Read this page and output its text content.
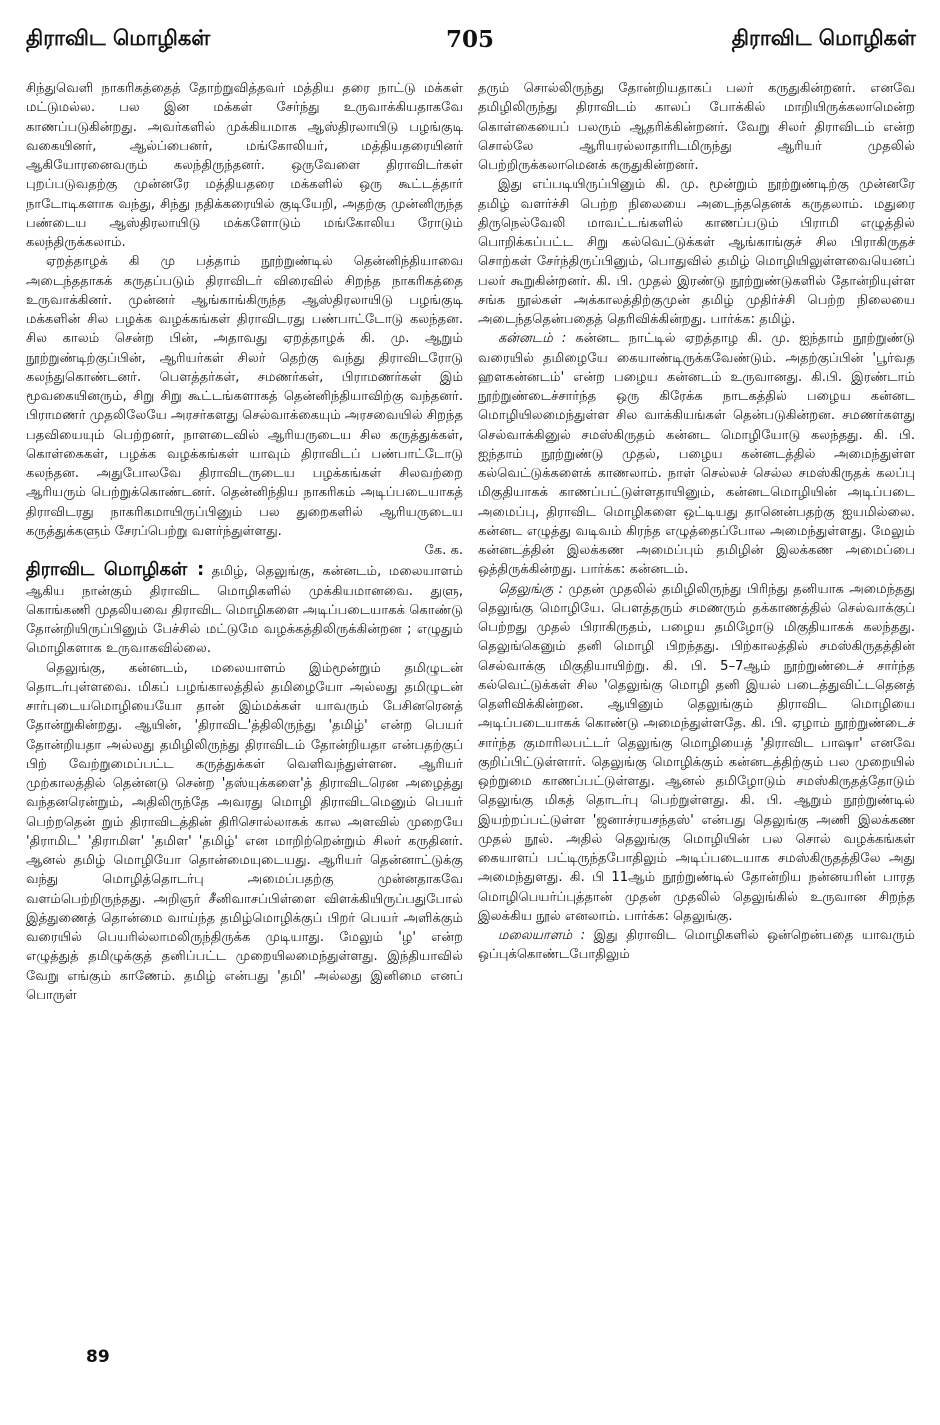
திராவிட மொழிகள்	705	திராவிட மொழிகள்

சிந்துவெளி நாகரிகத்தைத் தோற்றுவித்தவர் மத்திய தரை நாட்டு மக்கள் மட்டுமல்ல. பல இன மக்கள் சேர்ந்து உருவாக்கியதாகவே காணப்படுகின்றது. அவர்களில் முக்கியமாக ஆஸ்திரலாயிடு பழங்குடி வகையினர், ஆல்ப்பைனர், மங்கோலியர், மத்தியதரையினர் ஆகியோரனைவரும் கலந்திருந்தனர். ஒருவேளை திராவிடர்கள் புறப்படுவதற்கு முன்னரே மத்தியதரை மக்களில் ஒரு கூட்டத்தார் நாடோடிகளாக வந்து, சிந்து நதிக்கரையில் குடியேறி, அதற்கு முன்னிருந்த பண்டைய ஆஸ்திரலாயிடு மக்களோடும் மங்கோலிய ரோடும் கலந்திருக்கலாம்.

ஏறத்தாழக் கி மு பத்தாம் நூற்றுண்டில் தென்னிந்தியாவை அடைந்ததாகக் கருதப்படும் திராவிடர் விரைவில் சிறந்த நாகரிகத்தை உருவாக்கினர். முன்னர் ஆங்காங்கிருந்த ஆஸ்திரலாயிடு பழங்குடி மக்களின் சில பழக்க வழக்கங்கள் திராவிடரது பண்பாட்டோடு கலந்தன. சில காலம் சென்ற பின், அதாவது ஏறத்தாழக் கி. மு. ஆறும் நூற்றுண்டிற்குப்பின், ஆரியர்கள் சிலர் தெற்கு வந்து திராவிடரோடு கலந்துகொண்டனர். பௌத்தர்கள், சமணர்கள், பிராமணர்கள் இம் மூவகையினரும், சிறு சிறு கூட்டங்களாகத் தென்னிந்தியாவிற்கு வந்தனர். பிராமணர் முதலிலேயே அரசர்களது செல்வாக்கையும் அரசவையில் சிறந்த பதவியையும் பெற்றனர், நாளடைவில் ஆரியருடைய சில கருத்துக்கள், கொள்கைகள், பழக்க வழக்கங்கள் யாவும் திராவிடப் பண்பாட்டோடு கலந்தன. அதுபோலவே திராவிடருடைய பழக்கங்கள் சிலவற்றை ஆரியரும் பெற்றுக்கொண்டனர். தென்னிந்திய நாகரிகம் அடிப்படையாகத் திராவிடரது நாகரிகமாயிருப்பினும் பல துறைகளில் ஆரியருடைய கருத்துக்களும் சேரப்பெற்று வளர்ந்துள்ளது.

கே. க.

திராவிட மொழிகள் : தமிழ், தெலுங்கு, கன்னடம், மலையாளம் ஆகிய நான்கும் திராவிட மொழிகளில் முக்கியமானவை. துளு, கொங்கணி முதலியவை திராவிட மொழிகளை அடிப்படையாகக் கொண்டு தோன்றியிருப்பினும் பேச்சில் மட்டுமே வழக்கத்திலிருக்கின்றன ; எழுதும் மொழிகளாக உருவாகவில்லை.

தெலுங்கு, கன்னடம், மலையாளம் இம்மூன்றும் தமிழுடன் தொடர்புள்ளவை. மிகப் பழங்காலத்தில் தமிழையோ அல்லது தமிழுடன் சார்புடையமொழியையோ தான் இம்மக்கள் யாவரும் பேசினரெனத் தோன்றுகின்றது. ஆயின், 'திராவிட'த்திலிருந்து 'தமிழ்' என்ற பெயர் தோன்றியதா அல்லது தமிழிலிருந்து திராவிடம் தோன்றியதா என்பதற்குப் பிற் வேற்றுமைப்பட்ட கருத்துக்கள் வெளிவந்துள்ளன. ஆரியர் முற்காலத்தில் தென்னடு சென்ற 'தஸ்யுக்களை'த் திராவிடரென அழைத்து வந்தனரென்றும், அதிலிருந்தே அவரது மொழி திராவிடமெனும் பெயர் பெற்றதென் றும் திராவிடத்தின் திரிசொல்லாகக் கால அளவில் முறையே 'திராமிட' 'திராமிள' 'தமிள' 'தமிழ்' என மாறிற்றென்றும் சிலர் கருதினர். ஆனல் தமிழ் மொழியோ தொன்மையுடையது. ஆரியர் தென்னாட்டுக்கு வந்து மொழித்தொடர்பு அமைப்பதற்கு முன்னதாகவே வளம்பெற்றிருந்தது. அறிஞர் சீனிவாசப்பிள்ளை விளக்கியிருப்பதுபோல் இத்துணைத் தொன்மை வாய்ந்த தமிழ்மொழிக்குப் பிறர் பெயர் அளிக்கும் வரையில் பெயரில்லாமலிருந்திருக்க முடியாது. மேலும் 'ழ' என்ற எழுத்துத் தமிழுக்குத் தனிப்பட்ட முறையிலமைந்துள்ளது. இந்தியாவில் வேறு எங்கும் காணேம். தமிழ் என்பது 'தமி' அல்லது இனிமை எனப் பொருள்

தரும் சொல்லிருந்து தோன்றியதாகப் பலர் கருதுகின்றனர். எனவே தமிழிலிருந்து திராவிடம் காலப் போக்கில் மாறியிருக்கலாமென்ற கொள்கையைப் பலரும் ஆதரிக்கின்றனர். வேறு சிலர் திராவிடம் என்ற சொல்லே ஆரியரல்லாதாரிடமிருந்து ஆரியர் முதலில் பெற்றிருக்கலாமெனக் கருதுகின்றனர்.

இது எப்படியிருப்பினும் கி. மு. மூன்றும் நூற்றுண்டிற்கு முன்னரே தமிழ் வளர்ச்சி பெற்ற நிலையை அடைந்ததெனக் கருதலாம். மதுரை திருநெல்வேலி மாவட்டங்களில் காணப்படும் பிராமி எழுத்தில் பொறிக்கப்பட்ட சிறு கல்வெட்டுக்கள் ஆங்காங்குச் சில பிராகிருதச் சொற்கள் சேர்ந்திருப்பினும், பொதுவில் தமிழ் மொழியிலுள்ளவையெனப் பலர் கூறுகின்றனர். கி. பி. முதல் இரண்டு நூற்றுண்டுகளில் தோன்றியுள்ள சங்க நூல்கள் அக்காலத்திற்குமுன் தமிழ் முதிர்ச்சி பெற்ற நிலையை அடைந்ததென்பதைத் தெரிவிக்கின்றது. பார்க்க: தமிழ்.

கன்னடம் : கன்னட நாட்டில் ஏறத்தாழ கி. மு. ஐந்தாம் நூற்றுண்டு வரையில் தமிழையே கையாண்டிருக்கவேண்டும். அதற்குப்பின் 'பூர்வத ஹளகன்னடம்' என்ற பழைய கன்னடம் உருவானது. கி.பி. இரண்டாம் நூற்றுண்டைச்சார்ந்த ஒரு கிரேக்க நாடகத்தில் பழைய கன்னட மொழியிலமைந்துள்ள சில வாக்கியங்கள் தென்படுகின்றன. சமணர்களது செல்வாக்கினுல் சமஸ்கிருதம் கன்னட மொழியோடு கலந்தது. கி. பி. ஐந்தாம் நூற்றுண்டு முதல், பழைய கன்னடத்தில் அமைந்துள்ள கல்வெட்டுக்களைக் காணலாம். நாள் செல்லச் செல்ல சமஸ்கிருதக் கலப்பு மிகுதியாகக் காணப்பட்டுள்ளதாயினும், கன்னடமொழியின் அடிப்படை அமைப்பு, திராவிட மொழிகளை ஒட்டியது தானென்பதற்கு ஐயமில்லை. கன்னட எழுத்து வடிவம் கிரந்த எழுத்தைப்போல அமைந்துள்ளது. மேலும் கன்னடத்தின் இலக்கண அமைப்பும் தமிழின் இலக்கண அமைப்பை ஒத்திருக்கின்றது. பார்க்க: கன்னடம்.

தெலுங்கு : முதன் முதலில் தமிழிலிருந்து பிரிந்து தனியாக அமைந்தது தெலுங்கு மொழியே. பௌத்தரும் சமணரும் தக்காணத்தில் செல்வாக்குப் பெற்றது முதல் பிராகிருதம், பழைய தமிழோடு மிகுதியாகக் கலந்தது. தெலுங்கெனும் தனி மொழி பிறந்தது. பிற்காலத்தில் சமஸ்கிருதத்தின் செல்வாக்கு மிகுதியாயிற்று. கி. பி. 5–7ஆம் நூற்றுண்டைச் சார்ந்த கல்வெட்டுக்கள் சில 'தெலுங்கு மொழி தனி இயல் படைத்துவிட்டதெனத் தெளிவிக்கின்றன. ஆயினும் தெலுங்கும் திராவிட மொழியை அடிப்படையாகக் கொண்டு அமைந்துள்ளதே. கி. பி. ஏழாம் நூற்றுண்டைச் சார்ந்த குமாரிலபட்டர் தெலுங்கு மொழியைத் 'திராவிட பாஷா' எனவே குறிப்பிட்டுள்ளார். தெலுங்கு மொழிக்கும் கன்னடத்திற்கும் பல முறையில் ஒற்றுமை காணப்பட்டுள்ளது. ஆனல் தமிழோடும் சமஸ்கிருதத்தோடும் தெலுங்கு மிகத் தொடர்பு பெற்றுள்ளது. கி. பி. ஆறும் நூற்றுண்டில் இயற்றப்பட்டுள்ள 'ஜனாச்ரயசந்தஸ்' என்பது தெலுங்கு அணி இலக்கண முதல் நூல். அதில் தெலுங்கு மொழியின் பல சொல் வழக்கங்கள் கையாளப் பட்டிருந்தபோதிலும் அடிப்படையாக சமஸ்கிருதத்திலே அது அமைந்துளது. கி. பி 11ஆம் நூற்றுண்டில் தோன்றிய நன்னயரின் பாரத மொழிபெயர்ப்புத்தான் முதன் முதலில் தெலுங்கில் உருவான சிறந்த இலக்கிய நூல் எனலாம். பார்க்க: தெலுங்கு.

மலையாளம் : இது திராவிட மொழிகளில் ஒன்றென்பதை யாவரும் ஒப்புக்கொண்டபோதிலும்

89
